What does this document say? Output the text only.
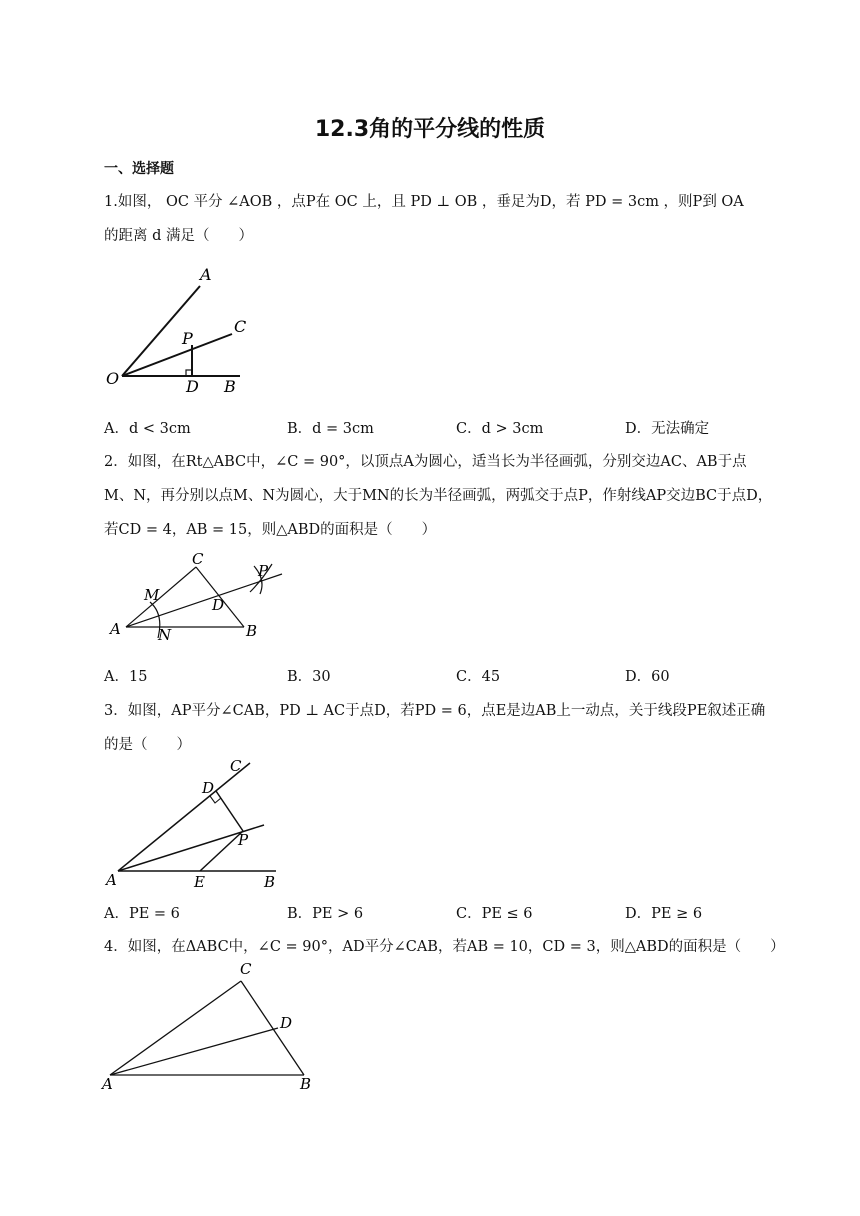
12.3角的平分线的性质
一、选择题
1.如图， OC 平分 ∠AOB ，点P在 OC 上，且 PD ⊥ OB ，垂足为D，若 PD = 3cm ，则P到 OA
的距离 d 满足（　　）
A
C
P
O	D B
A．d < 3cm	B．d = 3cm	C．d > 3cm	D．无法确定
2．如图，在Rt△ABC中，∠C = 90°，以顶点A为圆心，适当长为半径画弧，分别交边AC、AB于点
M、N，再分别以点M、N为圆心，大于MN的长为半径画弧，两弧交于点P，作射线AP交边BC于点D，
若CD = 4，AB = 15，则△ABD的面积是（　　）
C
P
M
D
A N	B
A．15	B．30	C．45	D．60
3．如图，AP平分∠CAB，PD ⊥ AC于点D，若PD = 6，点E是边AB上一动点，关于线段PE叙述正确
的是（　　）
C
D
P
A	E	B
A．PE = 6	B．PE > 6	C．PE ≤ 6	D．PE ≥ 6
4．如图，在ΔABC中，∠C = 90°，AD平分∠CAB，若AB = 10，CD = 3，则△ABD的面积是（　　）
C
D
A	B
